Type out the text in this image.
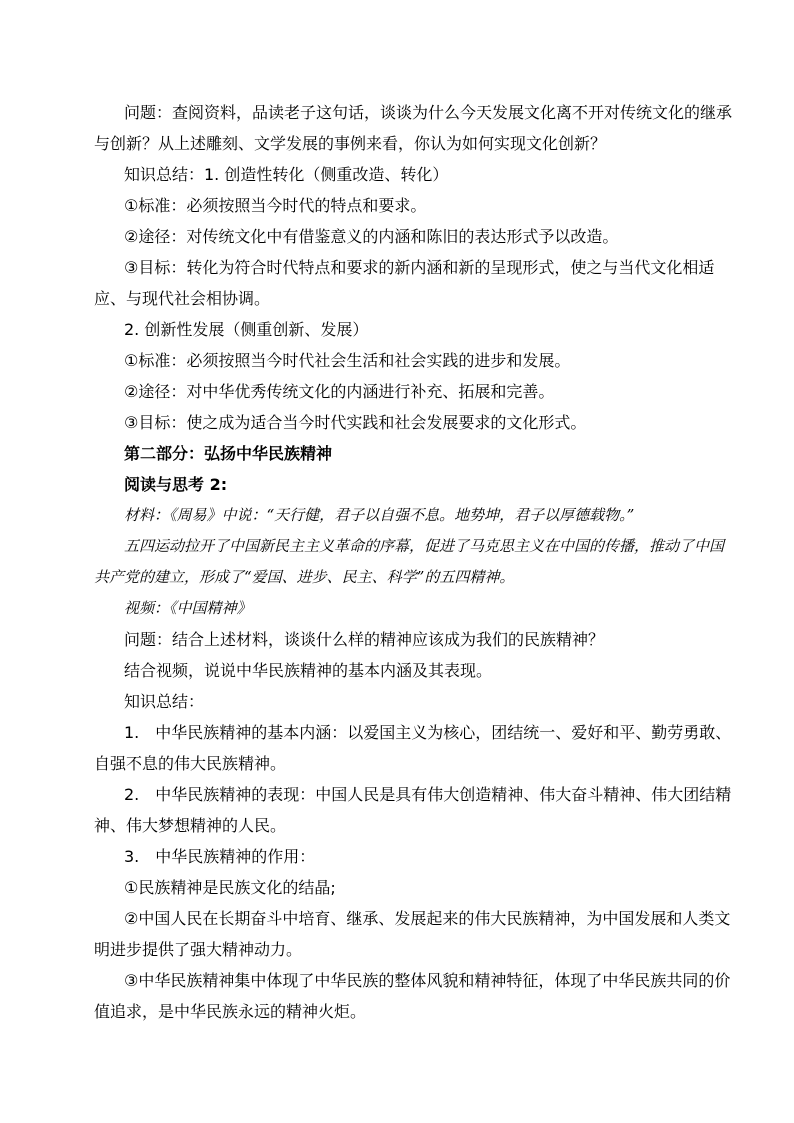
问题：查阅资料，品读老子这句话，谈谈为什么今天发展文化离不开对传统文化的继承与创新？从上述雕刻、文学发展的事例来看，你认为如何实现文化创新？

知识总结：1. 创造性转化（侧重改造、转化）

①标准：必须按照当今时代的特点和要求。

②途径：对传统文化中有借鉴意义的内涵和陈旧的表达形式予以改造。

③目标：转化为符合时代特点和要求的新内涵和新的呈现形式，使之与当代文化相适应、与现代社会相协调。

2. 创新性发展（侧重创新、发展）

①标准：必须按照当今时代社会生活和社会实践的进步和发展。

②途径：对中华优秀传统文化的内涵进行补充、拓展和完善。

③目标：使之成为适合当今时代实践和社会发展要求的文化形式。

第二部分：弘扬中华民族精神

阅读与思考 2:

材料：《周易》中说：“天行健，君子以自强不息。地势坤，君子以厚德载物。”

五四运动拉开了中国新民主主义革命的序幕，促进了马克思主义在中国的传播，推动了中国共产党的建立，形成了“爱国、进步、民主、科学”的五四精神。

视频：《中国精神》

问题：结合上述材料，谈谈什么样的精神应该成为我们的民族精神？

结合视频，说说中华民族精神的基本内涵及其表现。

知识总结：

1.　中华民族精神的基本内涵：以爱国主义为核心，团结统一、爱好和平、勤劳勇敢、自强不息的伟大民族精神。

2.　中华民族精神的表现：中国人民是具有伟大创造精神、伟大奋斗精神、伟大团结精神、伟大梦想精神的人民。

3.　中华民族精神的作用：

①民族精神是民族文化的结晶;

②中国人民在长期奋斗中培育、继承、发展起来的伟大民族精神，为中国发展和人类文明进步提供了强大精神动力。

③中华民族精神集中体现了中华民族的整体风貌和精神特征，体现了中华民族共同的价值追求，是中华民族永远的精神火炬。
